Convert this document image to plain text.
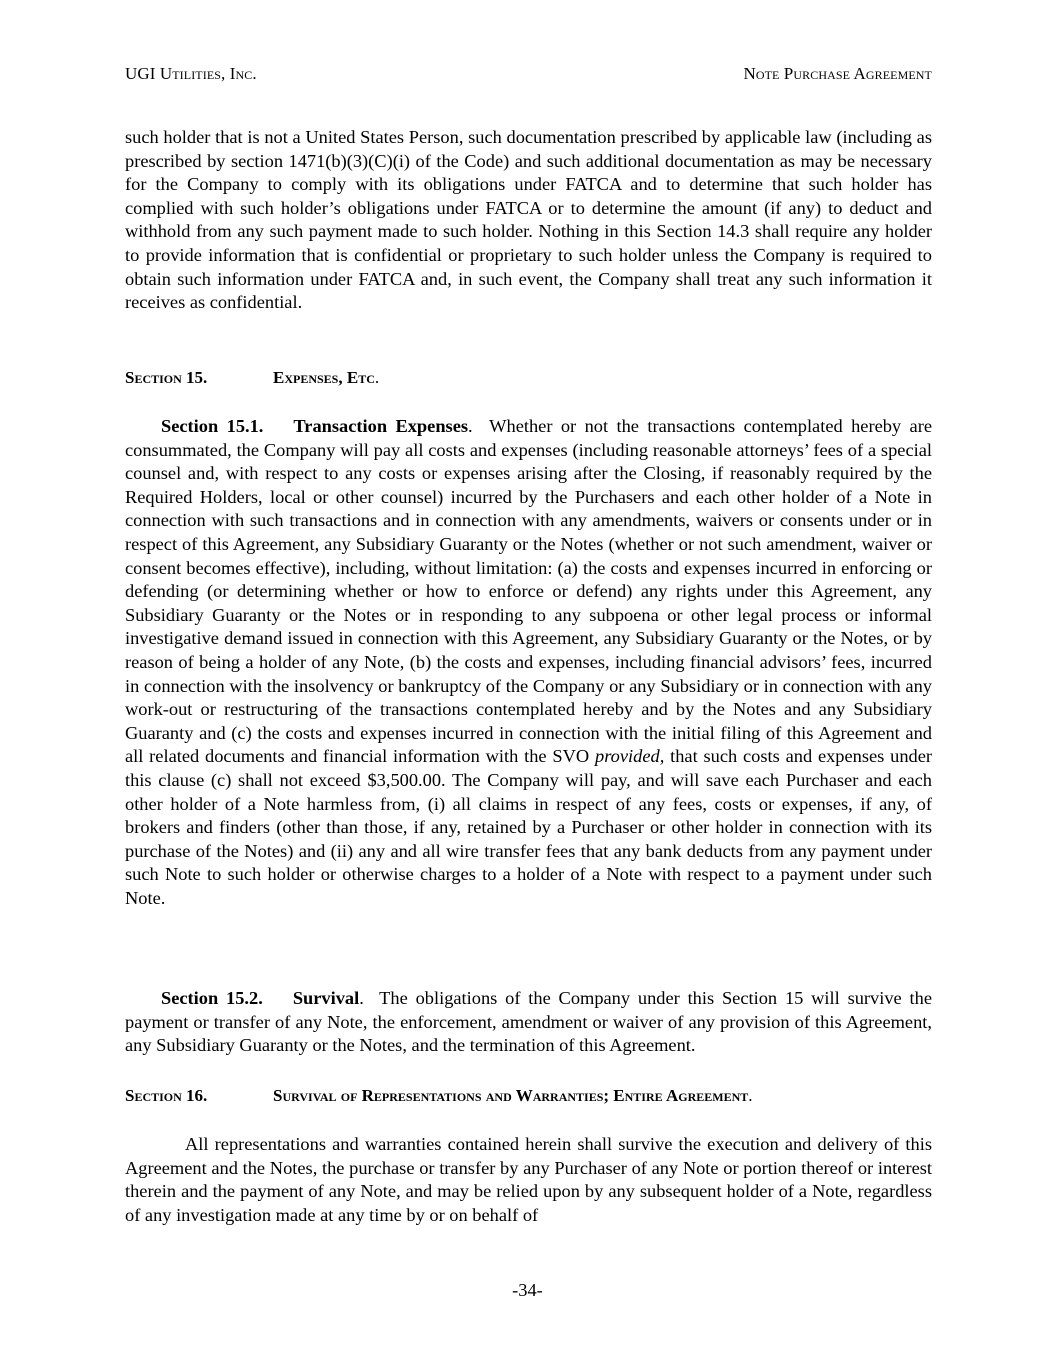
UGI Utilities, Inc.	Note Purchase Agreement

such holder that is not a United States Person, such documentation prescribed by applicable law (including as prescribed by section 1471(b)(3)(C)(i) of the Code) and such additional documentation as may be necessary for the Company to comply with its obligations under FATCA and to determine that such holder has complied with such holder’s obligations under FATCA or to determine the amount (if any) to deduct and withhold from any such payment made to such holder. Nothing in this Section 14.3 shall require any holder to provide information that is confidential or proprietary to such holder unless the Company is required to obtain such information under FATCA and, in such event, the Company shall treat any such information it receives as confidential.

Section 15.	Expenses, Etc.

Section 15.1. Transaction Expenses. Whether or not the transactions contemplated hereby are consummated, the Company will pay all costs and expenses (including reasonable attorneys’ fees of a special counsel and, with respect to any costs or expenses arising after the Closing, if reasonably required by the Required Holders, local or other counsel) incurred by the Purchasers and each other holder of a Note in connection with such transactions and in connection with any amendments, waivers or consents under or in respect of this Agreement, any Subsidiary Guaranty or the Notes (whether or not such amendment, waiver or consent becomes effective), including, without limitation: (a) the costs and expenses incurred in enforcing or defending (or determining whether or how to enforce or defend) any rights under this Agreement, any Subsidiary Guaranty or the Notes or in responding to any subpoena or other legal process or informal investigative demand issued in connection with this Agreement, any Subsidiary Guaranty or the Notes, or by reason of being a holder of any Note, (b) the costs and expenses, including financial advisors’ fees, incurred in connection with the insolvency or bankruptcy of the Company or any Subsidiary or in connection with any work-out or restructuring of the transactions contemplated hereby and by the Notes and any Subsidiary Guaranty and (c) the costs and expenses incurred in connection with the initial filing of this Agreement and all related documents and financial information with the SVO provided, that such costs and expenses under this clause (c) shall not exceed $3,500.00. The Company will pay, and will save each Purchaser and each other holder of a Note harmless from, (i) all claims in respect of any fees, costs or expenses, if any, of brokers and finders (other than those, if any, retained by a Purchaser or other holder in connection with its purchase of the Notes) and (ii) any and all wire transfer fees that any bank deducts from any payment under such Note to such holder or otherwise charges to a holder of a Note with respect to a payment under such Note.

Section 15.2. Survival. The obligations of the Company under this Section 15 will survive the payment or transfer of any Note, the enforcement, amendment or waiver of any provision of this Agreement, any Subsidiary Guaranty or the Notes, and the termination of this Agreement.

Section 16.	Survival of Representations and Warranties; Entire Agreement.

All representations and warranties contained herein shall survive the execution and delivery of this Agreement and the Notes, the purchase or transfer by any Purchaser of any Note or portion thereof or interest therein and the payment of any Note, and may be relied upon by any subsequent holder of a Note, regardless of any investigation made at any time by or on behalf of

-34-
